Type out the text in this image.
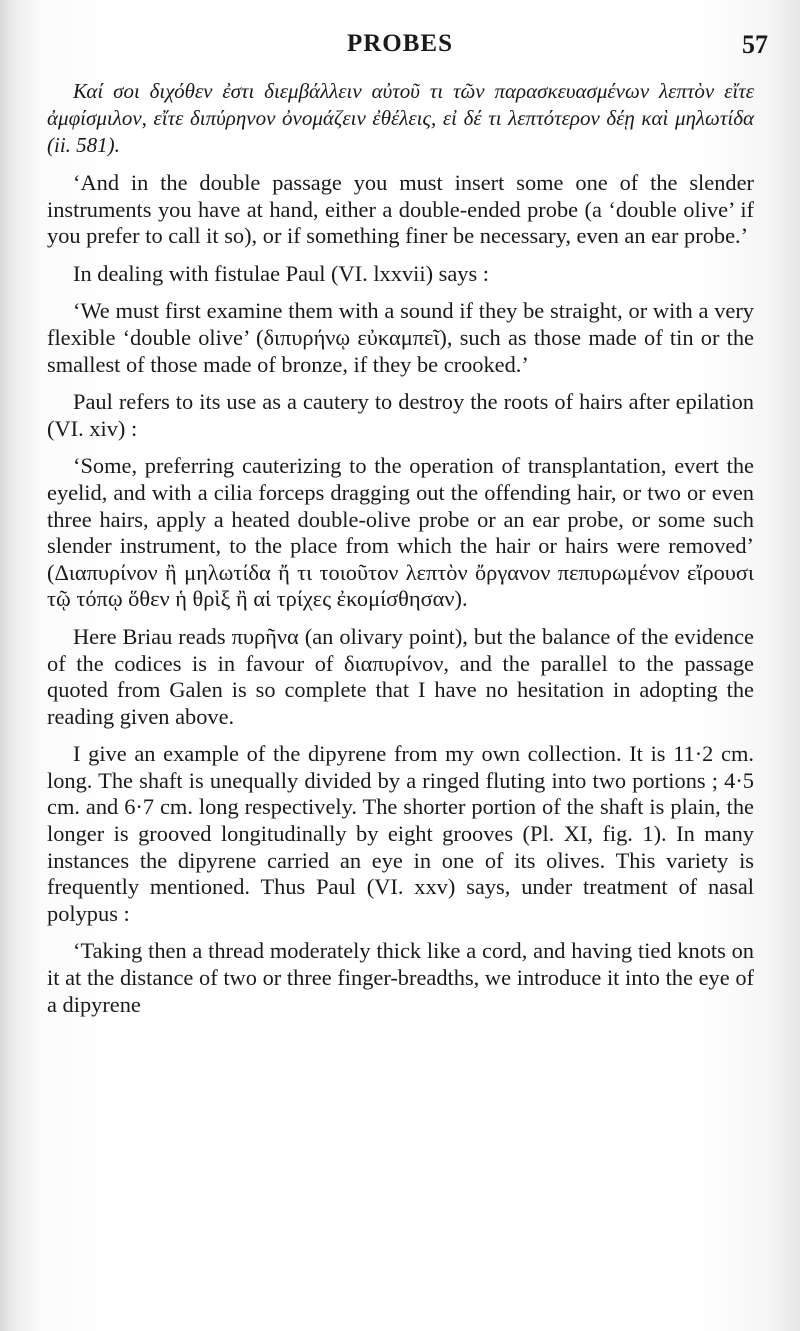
PROBES	57

Καί σοι διχόθεν ἐστι διεμβάλλειν αὐτοῦ τι τῶν παρασκευασμένων λεπτὸν εἴτε ἀμφίσμιλον, εἴτε διπύρηνον ὀνομάζειν ἐθέλεις, εἰ δέ τι λεπτότερον δέῃ καὶ μηλωτίδα (ii. 581).

‘And in the double passage you must insert some one of the slender instruments you have at hand, either a double-ended probe (a ‘double olive’ if you prefer to call it so), or if something finer be necessary, even an ear probe.’

In dealing with fistulae Paul (VI. lxxvii) says :

‘We must first examine them with a sound if they be straight, or with a very flexible ‘double olive’ (διπυρήνῳ εὐκαμπεῖ), such as those made of tin or the smallest of those made of bronze, if they be crooked.’

Paul refers to its use as a cautery to destroy the roots of hairs after epilation (VI. xiv) :

‘Some, preferring cauterizing to the operation of transplantation, evert the eyelid, and with a cilia forceps dragging out the offending hair, or two or even three hairs, apply a heated double-olive probe or an ear probe, or some such slender instrument, to the place from which the hair or hairs were removed’ (Διαπυρίνον ἢ μηλωτίδα ἤ τι τοιοῦτον λεπτὸν ὄργανον πεπυρωμένον εἴρουσι τῷ τόπῳ ὅθεν ἡ θρὶξ ἢ αἱ τρίχες ἐκομίσθησαν).

Here Briau reads πυρῆνα (an olivary point), but the balance of the evidence of the codices is in favour of διαπυρίνον, and the parallel to the passage quoted from Galen is so complete that I have no hesitation in adopting the reading given above.

I give an example of the dipyrene from my own collection. It is 11·2 cm. long. The shaft is unequally divided by a ringed fluting into two portions ; 4·5 cm. and 6·7 cm. long respectively. The shorter portion of the shaft is plain, the longer is grooved longitudinally by eight grooves (Pl. XI, fig. 1). In many instances the dipyrene carried an eye in one of its olives. This variety is frequently mentioned. Thus Paul (VI. xxv) says, under treatment of nasal polypus :

‘Taking then a thread moderately thick like a cord, and having tied knots on it at the distance of two or three finger-breadths, we introduce it into the eye of a dipyrene
